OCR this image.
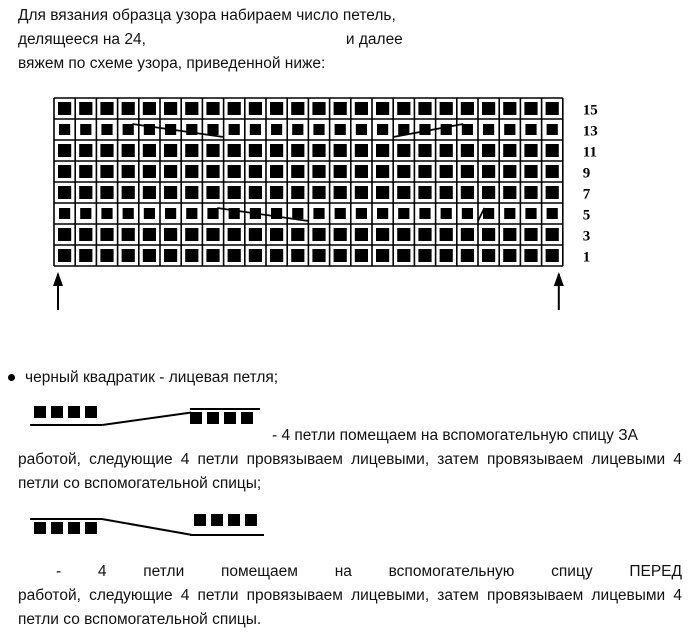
Для вязания образца узора набираем число петель,
делящееся на 24,	и далее
вяжем по схеме узора, приведенной ниже:
15
13
11
9
7
5
3
1
черный квадратик - лицевая петля;
- 4 петли помещаем на вспомогательную спицу ЗА
работой, следующие 4 петли провязываем лицевыми, затем провязываем лицевыми 4 петли со вспомогательной спицы;
- 4 петли помещаем на вспомогательную спицу ПЕРЕД
работой, следующие 4 петли провязываем лицевыми, затем провязываем лицевыми 4 петли со вспомогательной спицы.
